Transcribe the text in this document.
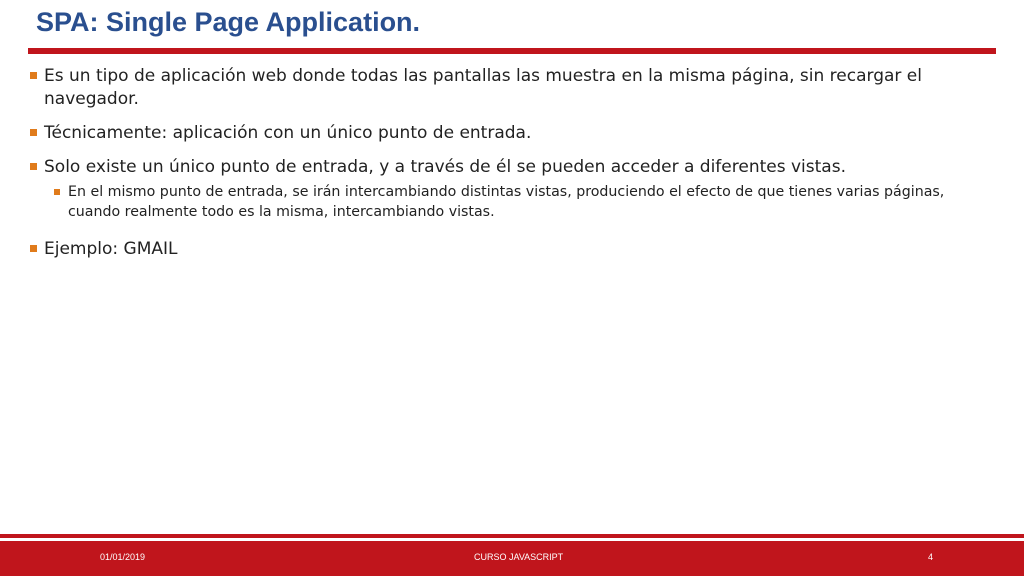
SPA: Single Page Application.
Es un tipo de aplicación web donde todas las pantallas las muestra en la misma página, sin recargar el navegador.
Técnicamente: aplicación con un único punto de entrada.
Solo existe un único punto de entrada, y a través de él se pueden acceder a diferentes vistas.
En el mismo punto de entrada, se irán intercambiando distintas vistas, produciendo el efecto de que tienes varias páginas, cuando realmente todo es la misma, intercambiando vistas.
Ejemplo: GMAIL
01/01/2019	CURSO JAVASCRIPT	4
